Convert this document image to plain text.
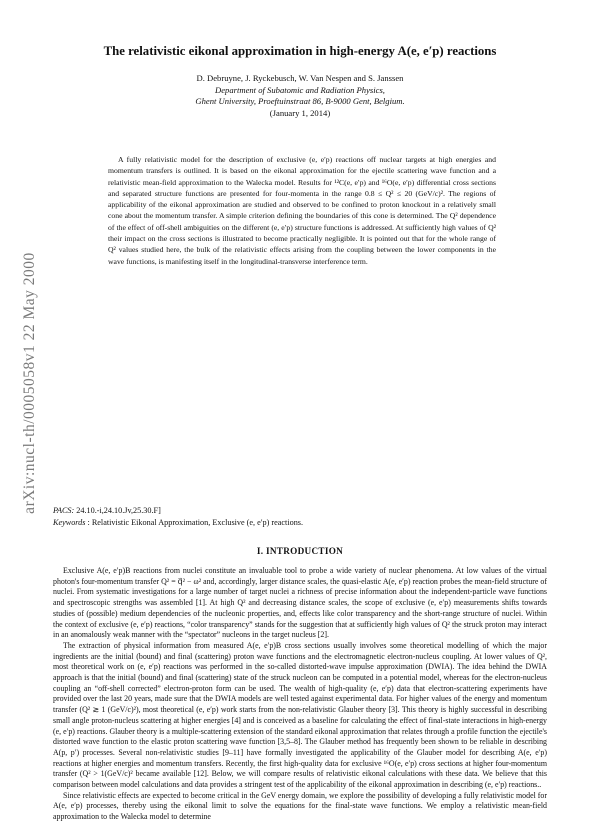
arXiv:nucl-th/0005058v1 22 May 2000
The relativistic eikonal approximation in high-energy A(e, e′p) reactions
D. Debruyne, J. Ryckebusch, W. Van Nespen and S. Janssen
Department of Subatomic and Radiation Physics,
Ghent University, Proeftuinstraat 86, B-9000 Gent, Belgium.
(January 1, 2014)
A fully relativistic model for the description of exclusive (e, e′p) reactions off nuclear targets at high energies and momentum transfers is outlined. It is based on the eikonal approximation for the ejectile scattering wave function and a relativistic mean-field approximation to the Walecka model. Results for ¹²C(e, e′p) and ¹⁶O(e, e′p) differential cross sections and separated structure functions are presented for four-momenta in the range 0.8 ≤ Q² ≤ 20 (GeV/c)². The regions of applicability of the eikonal approximation are studied and observed to be confined to proton knockout in a relatively small cone about the momentum transfer. A simple criterion defining the boundaries of this cone is determined. The Q² dependence of the effect of off-shell ambiguities on the different (e, e′p) structure functions is addressed. At sufficiently high values of Q² their impact on the cross sections is illustrated to become practically negligible. It is pointed out that for the whole range of Q² values studied here, the bulk of the relativistic effects arising from the coupling between the lower components in the wave functions, is manifesting itself in the longitudinal-transverse interference term.
PACS: 24.10.-i,24.10.Jv,25.30.F]
Keywords : Relativistic Eikonal Approximation, Exclusive (e, e′p) reactions.
I. INTRODUCTION

Exclusive A(e, e′p)B reactions from nuclei constitute an invaluable tool to probe a wide variety of nuclear phenomena. At low values of the virtual photon's four-momentum transfer Q² = q⃗² − ω² and, accordingly, larger distance scales, the quasi-elastic A(e, e′p) reaction probes the mean-field structure of nuclei. From systematic investigations for a large number of target nuclei a richness of precise information about the independent-particle wave functions and spectroscopic strengths was assembled [1]. At high Q² and decreasing distance scales, the scope of exclusive (e, e′p) measurements shifts towards studies of (possible) medium dependencies of the nucleonic properties, and, effects like color transparency and the short-range structure of nuclei. Within the context of exclusive (e, e′p) reactions, “color transparency” stands for the suggestion that at sufficiently high values of Q² the struck proton may interact in an anomalously weak manner with the “spectator” nucleons in the target nucleus [2].

The extraction of physical information from measured A(e, e′p)B cross sections usually involves some theoretical modelling of which the major ingredients are the initial (bound) and final (scattering) proton wave functions and the electromagnetic electron-nucleus coupling. At lower values of Q², most theoretical work on (e, e′p) reactions was performed in the so-called distorted-wave impulse approximation (DWIA). The idea behind the DWIA approach is that the initial (bound) and final (scattering) state of the struck nucleon can be computed in a potential model, whereas for the electron-nucleus coupling an “off-shell corrected” electron-proton form can be used. The wealth of high-quality (e, e′p) data that electron-scattering experiments have provided over the last 20 years, made sure that the DWIA models are well tested against experimental data. For higher values of the energy and momentum transfer (Q² ≳ 1 (GeV/c)²), most theoretical (e, e′p) work starts from the non-relativistic Glauber theory [3]. This theory is highly successful in describing small angle proton-nucleus scattering at higher energies [4] and is conceived as a baseline for calculating the effect of final-state interactions in high-energy (e, e′p) reactions. Glauber theory is a multiple-scattering extension of the standard eikonal approximation that relates through a profile function the ejectile's distorted wave function to the elastic proton scattering wave function [3,5–8]. The Glauber method has frequently been shown to be reliable in describing A(p, p′) processes. Several non-relativistic studies [9–11] have formally investigated the applicability of the Glauber model for describing A(e, e′p) reactions at higher energies and momentum transfers. Recently, the first high-quality data for exclusive ¹⁶O(e, e′p) cross sections at higher four-momentum transfer (Q² > 1(GeV/c)² became available [12]. Below, we will compare results of relativistic eikonal calculations with these data. We believe that this comparison between model calculations and data provides a stringent test of the applicability of the eikonal approximation in describing (e, e′p) reactions..

Since relativistic effects are expected to become critical in the GeV energy domain, we explore the possibility of developing a fully relativistic model for A(e, e′p) processes, thereby using the eikonal limit to solve the equations for the final-state wave functions. We employ a relativistic mean-field approximation to the Walecka model to determine
